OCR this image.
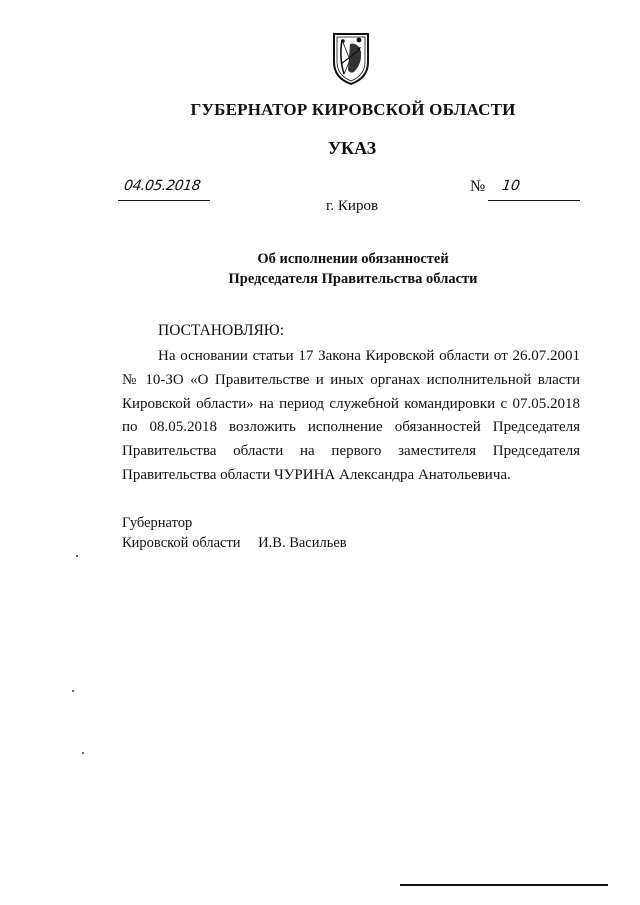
ГУБЕРНАТОР КИРОВСКОЙ ОБЛАСТИ
УКАЗ
04.05.2018	№ 10
г. Киров
Об исполнении обязанностей
Председателя Правительства области
ПОСТАНОВЛЯЮ:
На основании статьи 17 Закона Кировской области от 26.07.2001 № 10-ЗО «О Правительстве и иных органах исполнительной власти Кировской области» на период служебной командировки с 07.05.2018 по 08.05.2018 возложить исполнение обязанностей Председателя Правительства области на первого заместителя Председателя Правительства области ЧУРИНА Александра Анатольевича.
Губернатор
Кировской области И.В. Васильев
